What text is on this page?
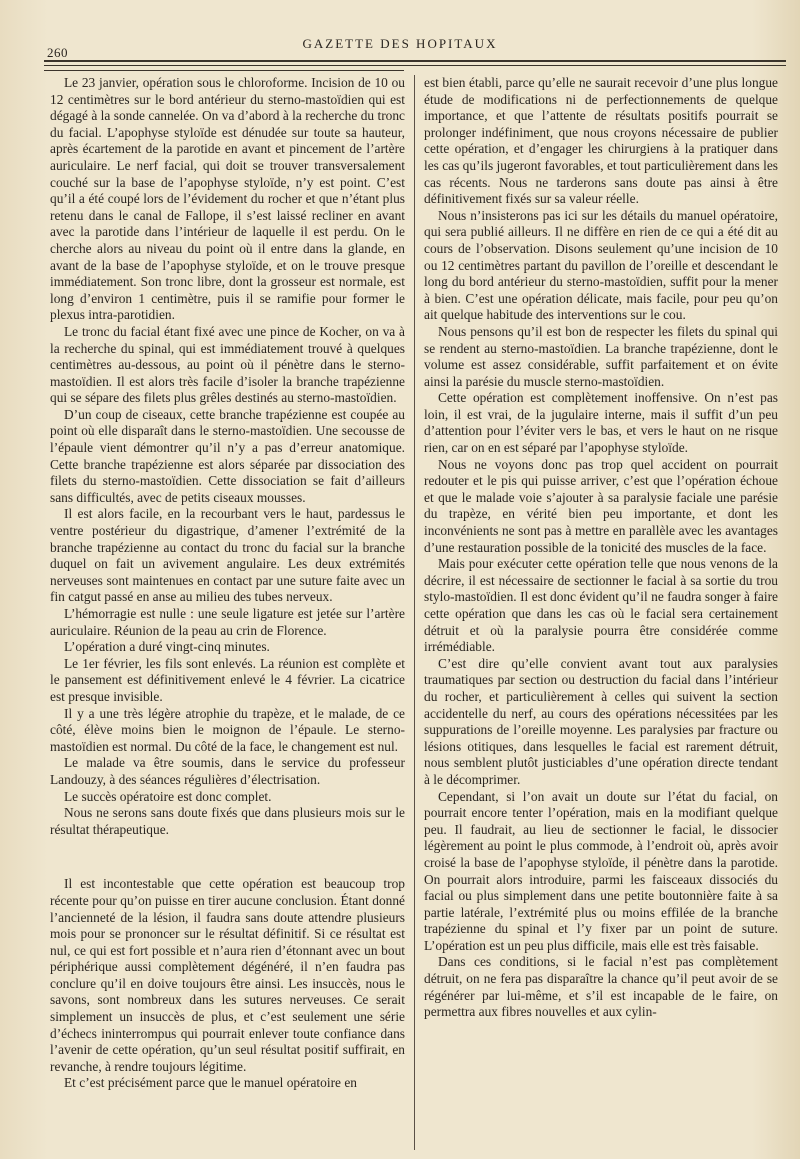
260
GAZETTE DES HOPITAUX

Le 23 janvier, opération sous le chloroforme. Incision de 10 ou 12 centimètres sur le bord antérieur du sterno-mastoïdien qui est dégagé à la sonde cannelée. On va d’abord à la recherche du tronc du facial. L’apophyse styloïde est dénudée sur toute sa hauteur, après écartement de la parotide en avant et pincement de l’artère auriculaire. Le nerf facial, qui doit se trouver transversalement couché sur la base de l’apophyse styloïde, n’y est point. C’est qu’il a été coupé lors de l’évidement du rocher et que n’étant plus retenu dans le canal de Fallope, il s’est laissé recliner en avant avec la parotide dans l’intérieur de laquelle il est perdu. On le cherche alors au niveau du point où il entre dans la glande, en avant de la base de l’apophyse styloïde, et on le trouve presque immédiatement. Son tronc libre, dont la grosseur est normale, est long d’environ 1 centimètre, puis il se ramifie pour former le plexus intra-parotidien.

Le tronc du facial étant fixé avec une pince de Kocher, on va à la recherche du spinal, qui est immédiatement trouvé à quelques centimètres au-dessous, au point où il pénètre dans le sterno-mastoïdien. Il est alors très facile d’isoler la branche trapézienne qui se sépare des filets plus grêles destinés au sterno-mastoïdien.

D’un coup de ciseaux, cette branche trapézienne est coupée au point où elle disparaît dans le sterno-mastoïdien. Une secousse de l’épaule vient démontrer qu’il n’y a pas d’erreur anatomique. Cette branche trapézienne est alors séparée par dissociation des filets du sterno-mastoïdien. Cette dissociation se fait d’ailleurs sans difficultés, avec de petits ciseaux mousses.

Il est alors facile, en la recourbant vers le haut, pardessus le ventre postérieur du digastrique, d’amener l’extrémité de la branche trapézienne au contact du tronc du facial sur la branche duquel on fait un avivement angulaire. Les deux extrémités nerveuses sont maintenues en contact par une suture faite avec un fin catgut passé en anse au milieu des tubes nerveux.

L’hémorragie est nulle : une seule ligature est jetée sur l’artère auriculaire. Réunion de la peau au crin de Florence.

L’opération a duré vingt-cinq minutes.

Le 1er février, les fils sont enlevés. La réunion est complète et le pansement est définitivement enlevé le 4 février. La cicatrice est presque invisible.

Il y a une très légère atrophie du trapèze, et le malade, de ce côté, élève moins bien le moignon de l’épaule. Le sterno-mastoïdien est normal. Du côté de la face, le changement est nul.

Le malade va être soumis, dans le service du professeur Landouzy, à des séances régulières d’électrisation.

Le succès opératoire est donc complet.

Nous ne serons sans doute fixés que dans plusieurs mois sur le résultat thérapeutique.

Il est incontestable que cette opération est beaucoup trop récente pour qu’on puisse en tirer aucune conclusion. Étant donné l’ancienneté de la lésion, il faudra sans doute attendre plusieurs mois pour se prononcer sur le résultat définitif. Si ce résultat est nul, ce qui est fort possible et n’aura rien d’étonnant avec un bout périphérique aussi complètement dégénéré, il n’en faudra pas conclure qu’il en doive toujours être ainsi. Les insuccès, nous le savons, sont nombreux dans les sutures nerveuses. Ce serait simplement un insuccès de plus, et c’est seulement une série d’échecs ininterrompus qui pourrait enlever toute confiance dans l’avenir de cette opération, qu’un seul résultat positif suffirait, en revanche, à rendre toujours légitime.

Et c’est précisément parce que le manuel opératoire en

est bien établi, parce qu’elle ne saurait recevoir d’une plus longue étude de modifications ni de perfectionnements de quelque importance, et que l’attente de résultats positifs pourrait se prolonger indéfiniment, que nous croyons nécessaire de publier cette opération, et d’engager les chirurgiens à la pratiquer dans les cas qu’ils jugeront favorables, et tout particulièrement dans les cas récents. Nous ne tarderons sans doute pas ainsi à être définitivement fixés sur sa valeur réelle.

Nous n’insisterons pas ici sur les détails du manuel opératoire, qui sera publié ailleurs. Il ne diffère en rien de ce qui a été dit au cours de l’observation. Disons seulement qu’une incision de 10 ou 12 centimètres partant du pavillon de l’oreille et descendant le long du bord antérieur du sterno-mastoïdien, suffit pour la mener à bien. C’est une opération délicate, mais facile, pour peu qu’on ait quelque habitude des interventions sur le cou.

Nous pensons qu’il est bon de respecter les filets du spinal qui se rendent au sterno-mastoïdien. La branche trapézienne, dont le volume est assez considérable, suffit parfaitement et on évite ainsi la parésie du muscle sterno-mastoïdien.

Cette opération est complètement inoffensive. On n’est pas loin, il est vrai, de la jugulaire interne, mais il suffit d’un peu d’attention pour l’éviter vers le bas, et vers le haut on ne risque rien, car on en est séparé par l’apophyse styloïde.

Nous ne voyons donc pas trop quel accident on pourrait redouter et le pis qui puisse arriver, c’est que l’opération échoue et que le malade voie s’ajouter à sa paralysie faciale une parésie du trapèze, en vérité bien peu importante, et dont les inconvénients ne sont pas à mettre en parallèle avec les avantages d’une restauration possible de la tonicité des muscles de la face.

Mais pour exécuter cette opération telle que nous venons de la décrire, il est nécessaire de sectionner le facial à sa sortie du trou stylo-mastoïdien. Il est donc évident qu’il ne faudra songer à faire cette opération que dans les cas où le facial sera certainement détruit et où la paralysie pourra être considérée comme irrémédiable.

C’est dire qu’elle convient avant tout aux paralysies traumatiques par section ou destruction du facial dans l’intérieur du rocher, et particulièrement à celles qui suivent la section accidentelle du nerf, au cours des opérations nécessitées par les suppurations de l’oreille moyenne. Les paralysies par fracture ou lésions otitiques, dans lesquelles le facial est rarement détruit, nous semblent plutôt justiciables d’une opération directe tendant à le décomprimer.

Cependant, si l’on avait un doute sur l’état du facial, on pourrait encore tenter l’opération, mais en la modifiant quelque peu. Il faudrait, au lieu de sectionner le facial, le dissocier légèrement au point le plus commode, à l’endroit où, après avoir croisé la base de l’apophyse styloïde, il pénètre dans la parotide. On pourrait alors introduire, parmi les faisceaux dissociés du facial ou plus simplement dans une petite boutonnière faite à sa partie latérale, l’extrémité plus ou moins effilée de la branche trapézienne du spinal et l’y fixer par un point de suture. L’opération est un peu plus difficile, mais elle est très faisable.

Dans ces conditions, si le facial n’est pas complètement détruit, on ne fera pas disparaître la chance qu’il peut avoir de se régénérer par lui-même, et s’il est incapable de le faire, on permettra aux fibres nouvelles et aux cylin-
